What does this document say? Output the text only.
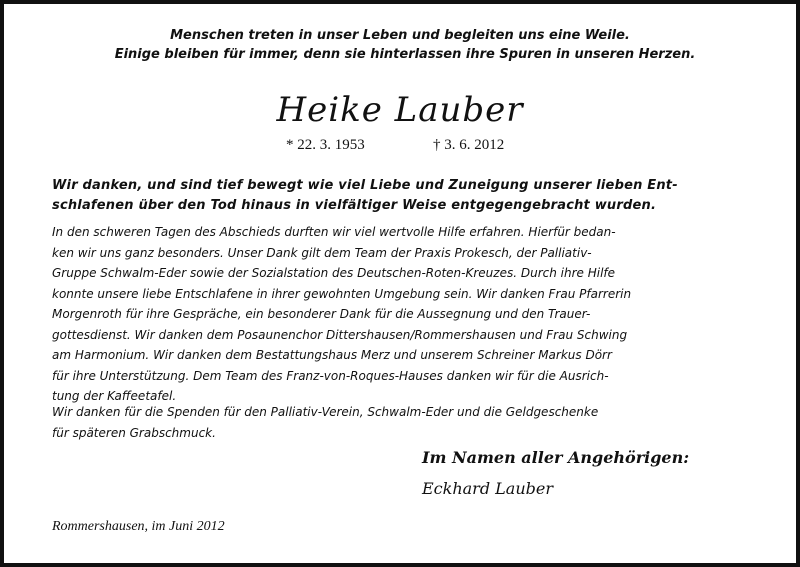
Menschen treten in unser Leben und begleiten uns eine Weile.
Einige bleiben für immer, denn sie hinterlassen ihre Spuren in unseren Herzen.
Heike Lauber
* 22. 3. 1953	† 3. 6. 2012
Wir danken, und sind tief bewegt wie viel Liebe und Zuneigung unserer lieben Ent-
schlafenen über den Tod hinaus in vielfältiger Weise entgegengebracht wurden.
In den schweren Tagen des Abschieds durften wir viel wertvolle Hilfe erfahren. Hierfür bedan-
ken wir uns ganz besonders. Unser Dank gilt dem Team der Praxis Prokesch, der Palliativ-
Gruppe Schwalm-Eder sowie der Sozialstation des Deutschen-Roten-Kreuzes. Durch ihre Hilfe
konnte unsere liebe Entschlafene in ihrer gewohnten Umgebung sein. Wir danken Frau Pfarrerin
Morgenroth für ihre Gespräche, ein besonderer Dank für die Aussegnung und den Trauer-
gottesdienst. Wir danken dem Posaunenchor Dittershausen/Rommershausen und Frau Schwing
am Harmonium. Wir danken dem Bestattungshaus Merz und unserem Schreiner Markus Dörr
für ihre Unterstützung. Dem Team des Franz-von-Roques-Hauses danken wir für die Ausrich-
tung der Kaffeetafel.
Wir danken für die Spenden für den Palliativ-Verein, Schwalm-Eder und die Geldgeschenke
für späteren Grabschmuck.
Im Namen aller Angehörigen:
Eckhard Lauber
Rommershausen, im Juni 2012
